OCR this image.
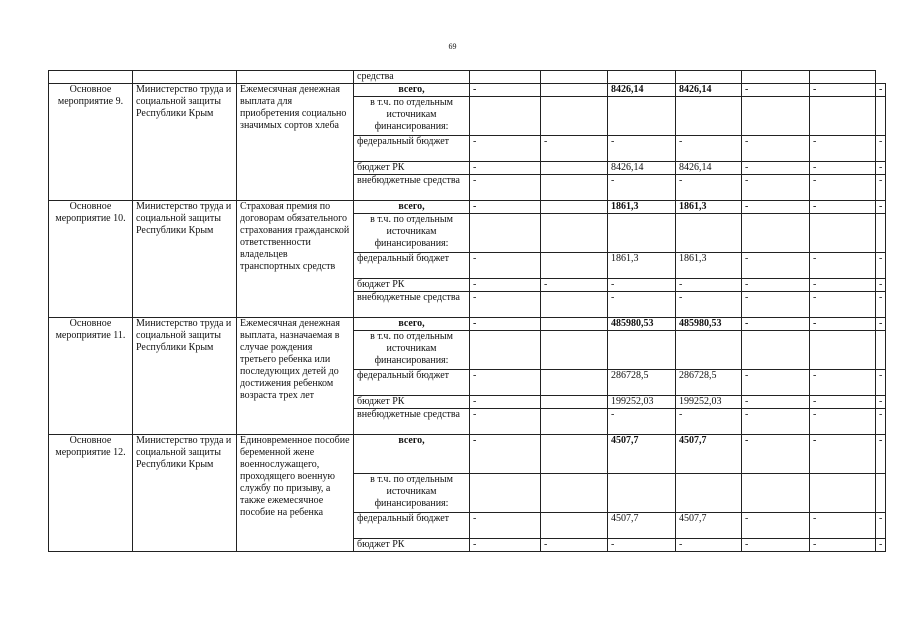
69
			средства							
Основное мероприятие 9.	Министерство труда и социальной защиты Республики Крым	Ежемесячная денежная выплата для приобретения социально значимых сортов хлеба	всего,	-		8426,14	8426,14	-	-	-
			в т.ч. по отдельным источникам финансирования:							
			федеральный бюджет	-	-	-	-	-	-	-
			бюджет РК	-		8426,14	8426,14	-	-	-
			внебюджетные средства	-		-	-	-	-	-
Основное мероприятие 10.	Министерство труда и социальной защиты Республики Крым	Страховая премия по договорам обязательного страхования гражданской ответственности владельцев транспортных средств	всего,	-		1861,3	1861,3	-	-	-
			в т.ч. по отдельным источникам финансирования:							
			федеральный бюджет	-		1861,3	1861,3	-	-	-
			бюджет РК	-	-	-	-	-	-	-
			внебюджетные средства	-		-	-	-	-	-
Основное мероприятие 11.	Министерство труда и социальной защиты Республики Крым	Ежемесячная денежная выплата, назначаемая в случае рождения третьего ребенка или последующих детей до достижения ребенком возраста трех лет	всего,	-		485980,53	485980,53	-	-	-
			в т.ч. по отдельным источникам финансирования:							
			федеральный бюджет	-		286728,5	286728,5	-	-	-
			бюджет РК	-		199252,03	199252,03	-	-	-
			внебюджетные средства	-		-	-	-	-	-
Основное мероприятие 12.	Министерство труда и социальной защиты Республики Крым	Единовременное пособие беременной жене военнослужащего, проходящего военную службу по призыву, а также ежемесячное пособие на ребенка	всего,	-		4507,7	4507,7	-	-	-
			в т.ч. по отдельным источникам финансирования:							
			федеральный бюджет	-		4507,7	4507,7	-	-	-
			бюджет РК	-	-	-	-	-	-	-
